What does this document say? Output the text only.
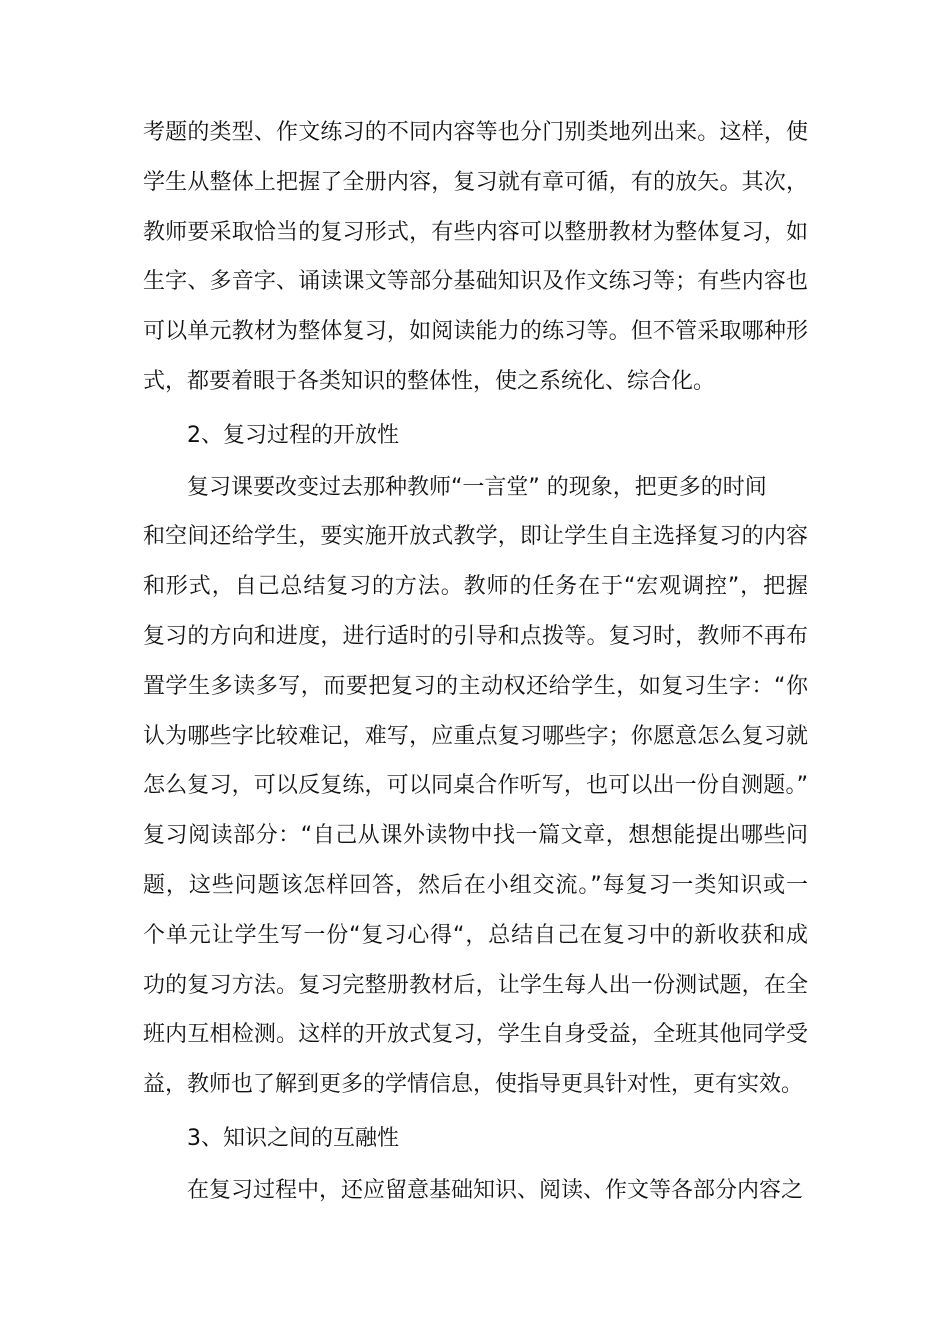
考题的类型、作文练习的不同内容等也分门别类地列出来。这样，使
学生从整体上把握了全册内容，复习就有章可循，有的放矢。其次，
教师要采取恰当的复习形式，有些内容可以整册教材为整体复习，如
生字、多音字、诵读课文等部分基础知识及作文练习等；有些内容也
可以单元教材为整体复习，如阅读能力的练习等。但不管采取哪种形
式，都要着眼于各类知识的整体性，使之系统化、综合化。
2、复习过程的开放性
复习课要改变过去那种教师“一言堂” 的现象，把更多的时间
和空间还给学生，要实施开放式教学，即让学生自主选择复习的内容
和形式，自己总结复习的方法。教师的任务在于“宏观调控”，把握
复习的方向和进度，进行适时的引导和点拨等。复习时，教师不再布
置学生多读多写，而要把复习的主动权还给学生，如复习生字：“你
认为哪些字比较难记，难写，应重点复习哪些字；你愿意怎么复习就
怎么复习，可以反复练，可以同桌合作听写，也可以出一份自测题。”
复习阅读部分：“自己从课外读物中找一篇文章，想想能提出哪些问
题，这些问题该怎样回答，然后在小组交流。”每复习一类知识或一
个单元让学生写一份“复习心得“，总结自己在复习中的新收获和成
功的复习方法。复习完整册教材后，让学生每人出一份测试题，在全
班内互相检测。这样的开放式复习，学生自身受益，全班其他同学受
益，教师也了解到更多的学情信息，使指导更具针对性，更有实效。
3、知识之间的互融性
在复习过程中，还应留意基础知识、阅读、作文等各部分内容之
